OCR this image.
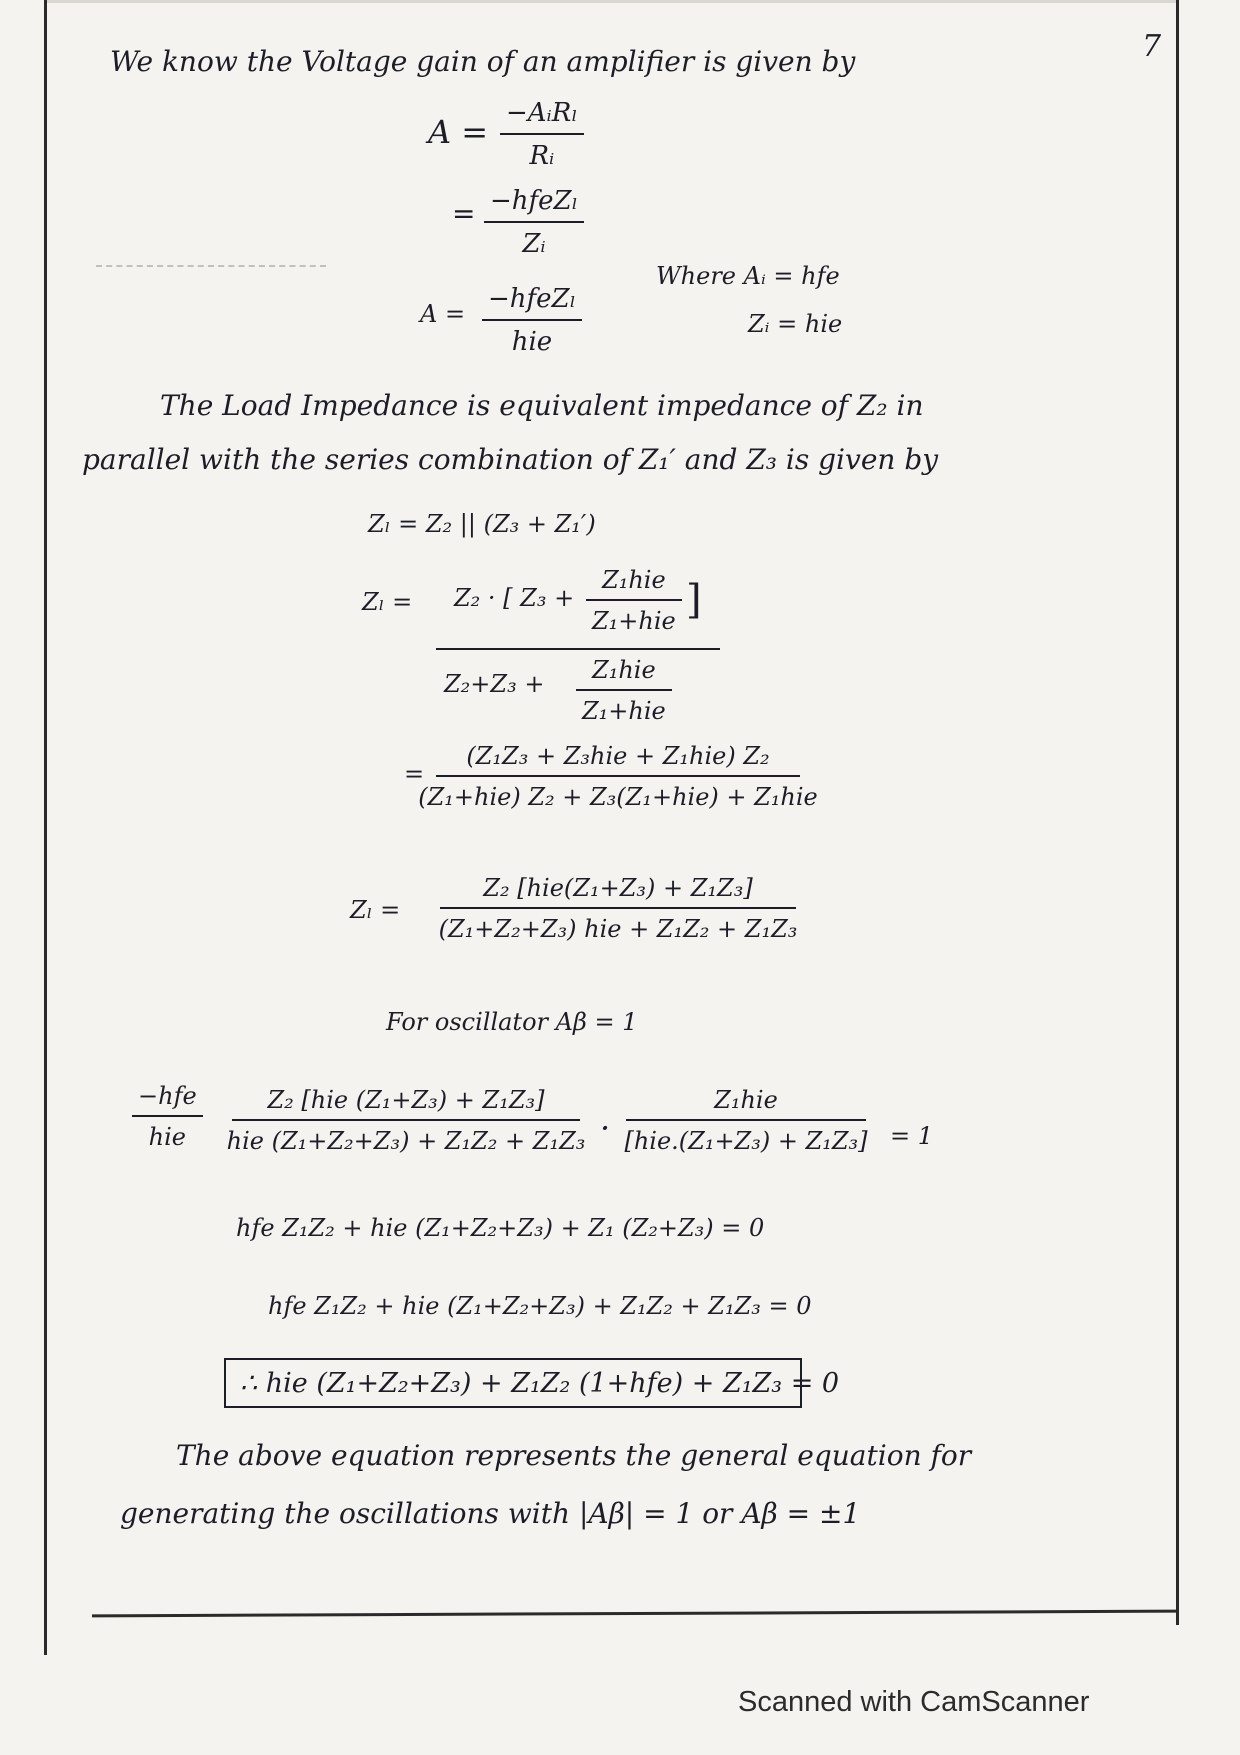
7
We know the Voltage gain of an amplifier is given by
A = −AᵢRₗ
Rᵢ
= −hfeZₗ
Zᵢ
A = −hfeZₗ
hie
Where Aᵢ = hfe
Zᵢ = hie
The Load Impedance is equivalent impedance of Z₂ in
parallel with the series combination of Z₁′ and Z₃ is given by
Zₗ = Z₂ || (Z₃ + Z₁′)
Zₗ = Z₂ · [ Z₃ +
Z₁hie
Z₁+hie ]
Z₂+Z₃ + Z₁hie
Z₁+hie
=
(Z₁Z₃ + Z₃hie + Z₁hie) Z₂
(Z₁+hie) Z₂ + Z₃(Z₁+hie) + Z₁hie
Zₗ =
Z₂ [hie(Z₁+Z₃) + Z₁Z₃]
(Z₁+Z₂+Z₃) hie + Z₁Z₂ + Z₁Z₃
For oscillator Aβ = 1
−hfe
hie
Z₂ [hie (Z₁+Z₃) + Z₁Z₃]
hie (Z₁+Z₂+Z₃) + Z₁Z₂ + Z₁Z₃ ·
Z₁hie
[hie.(Z₁+Z₃) + Z₁Z₃] = 1
hfe Z₁Z₂ + hie (Z₁+Z₂+Z₃) + Z₁ (Z₂+Z₃) = 0
hfe Z₁Z₂ + hie (Z₁+Z₂+Z₃) + Z₁Z₂ + Z₁Z₃ = 0
∴ hie (Z₁+Z₂+Z₃) + Z₁Z₂ (1+hfe) + Z₁Z₃ = 0
The above equation represents the general equation for
generating the oscillations with |Aβ| = 1 or Aβ = ±1
Scanned with CamScanner
